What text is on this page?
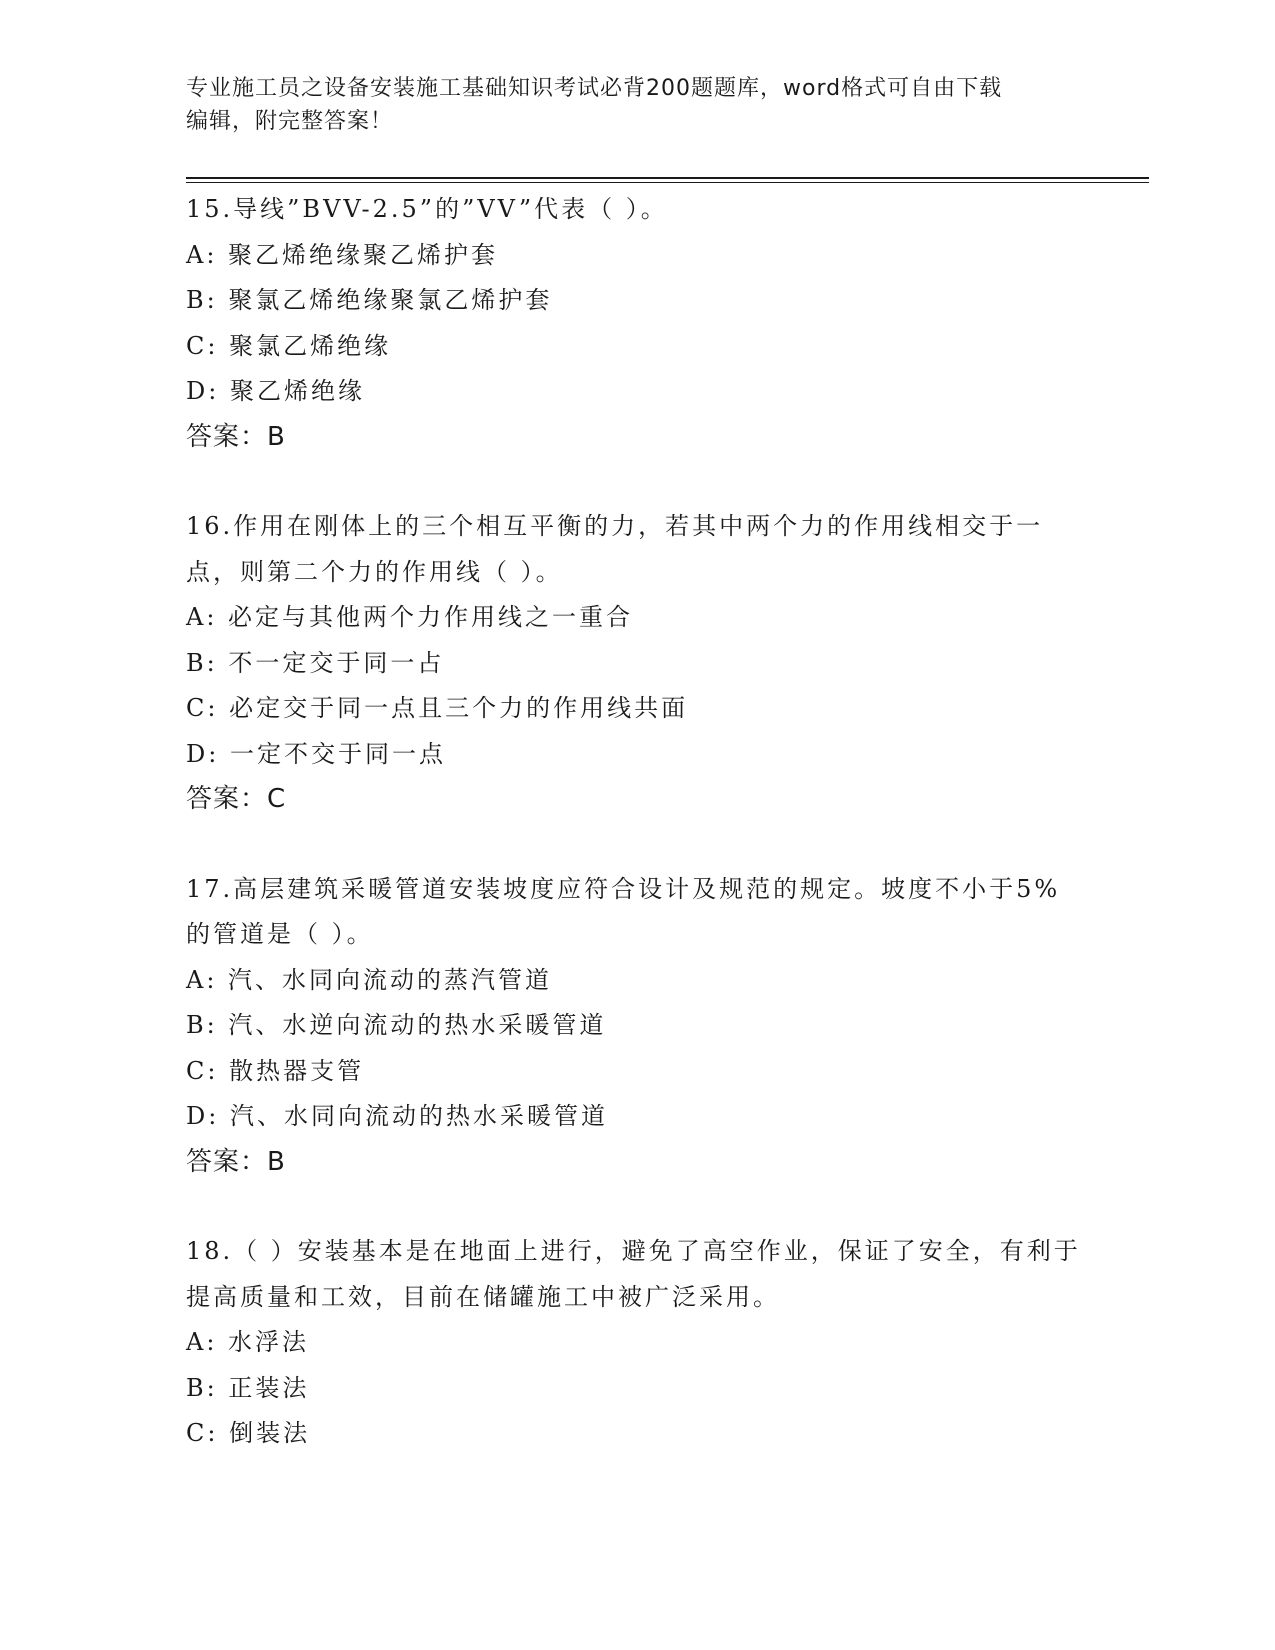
专业施工员之设备安装施工基础知识考试必背200题题库，word格式可自由下载
编辑，附完整答案！
15.导线”BVV-2.5”的”VV”代表（ ）。
A: 聚乙烯绝缘聚乙烯护套
B: 聚氯乙烯绝缘聚氯乙烯护套
C: 聚氯乙烯绝缘
D: 聚乙烯绝缘
答案：B
16.作用在刚体上的三个相互平衡的力，若其中两个力的作用线相交于一点，则第二个力的作用线（ ）。
A: 必定与其他两个力作用线之一重合
B: 不一定交于同一占
C: 必定交于同一点且三个力的作用线共面
D: 一定不交于同一点
答案：C
17.高层建筑采暖管道安装坡度应符合设计及规范的规定。坡度不小于5%的管道是（ ）。
A: 汽、水同向流动的蒸汽管道
B: 汽、水逆向流动的热水采暖管道
C: 散热器支管
D: 汽、水同向流动的热水采暖管道
答案：B
18.（ ）安装基本是在地面上进行，避免了高空作业，保证了安全，有利于提高质量和工效，目前在储罐施工中被广泛采用。
A: 水浮法
B: 正装法
C: 倒装法
